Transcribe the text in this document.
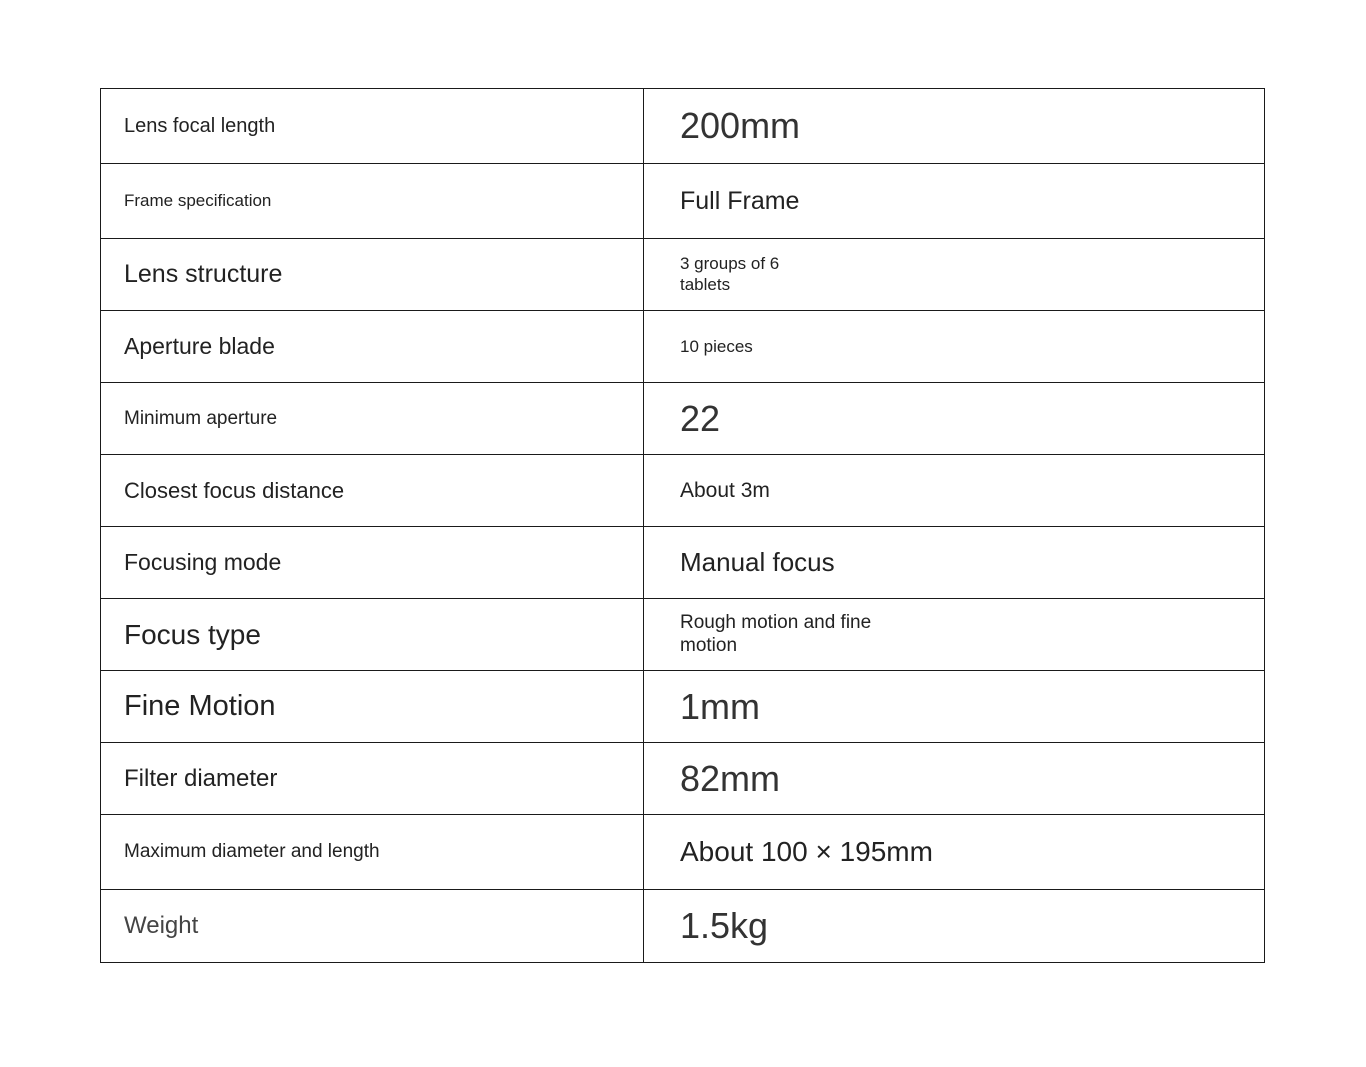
Lens focal length	200mm
Frame specification	Full Frame
Lens structure	3 groups of 6
tablets

Aperture blade	10 pieces
Minimum aperture	22
Closest focus distance	About 3m
Focusing mode	Manual focus
Focus type	Rough motion and fine
motion

Fine Motion	1mm
Filter diameter	82mm
Maximum diameter and length	About 100 × 195mm
Weight	1.5kg
